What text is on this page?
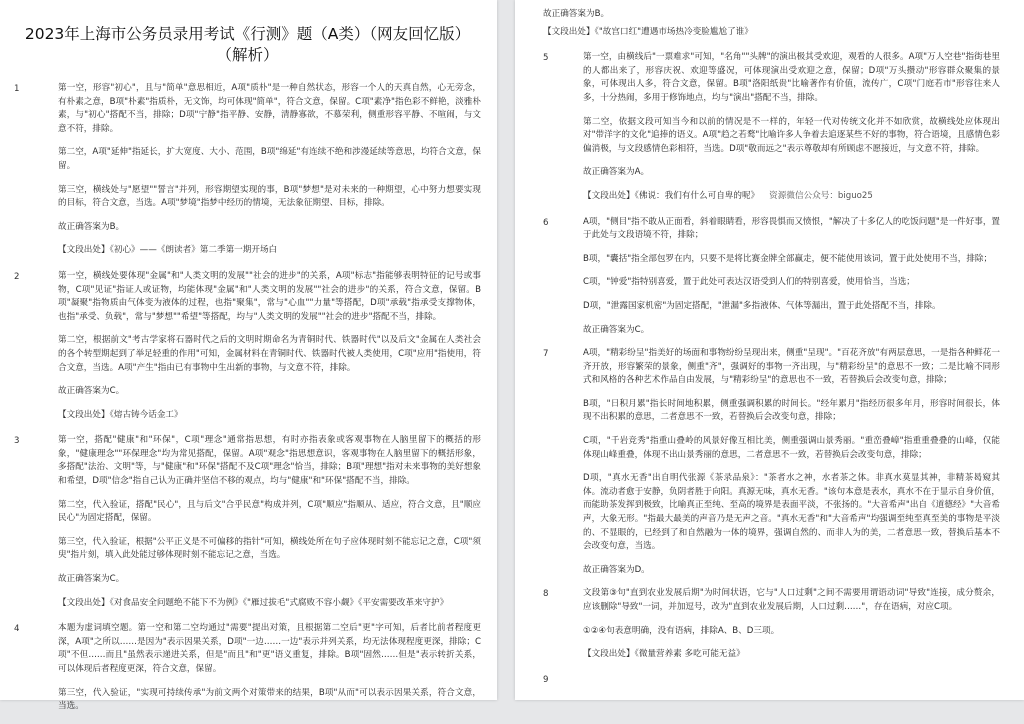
2023年上海市公务员录用考试《行测》题（A类）（网友回忆版）（解析）
1	第一空，形容"初心"，且与"简单"意思相近，A项"质朴"是一种自然状态，形容一个人的天真自然，心无旁念，有朴素之意，B项"朴素"指质朴，无文饰，均可体现"简单"，符合文意，保留。C项"素净"指色彩不鲜艳，淡雅朴素，与"初心"搭配不当，排除；D项"宁静"指平静、安静，清静寡欲，不慕荣利，侧重形容平静、不喧闹，与文意不符，排除。

第二空，A项"延伸"指延长，扩大宽度、大小、范围，B项"绵延"有连续不绝和涉漫延续等意思，均符合文意，保留。

第三空，横线处与"愿望""誓言"并列，形容期望实现的事，B项"梦想"是对未来的一种期望，心中努力想要实现的目标，符合文意，当选。A项"梦境"指梦中经历的情境，无法象征期望、目标，排除。

故正确答案为B。

【文段出处】《初心》——《朗读者》第二季第一期开场白

2	第一空，横线处要体现"金属"和"人类文明的发展""社会的进步"的关系，A项"标志"指能够表明特征的记号或事物，C项"见证"指证人或证物，均能体现"金属"和"人类文明的发展""社会的进步"的关系，符合文意，保留。B项"凝聚"指物质由气体变为液体的过程，也指"聚集"，常与"心血""力量"等搭配，D项"承载"指承受支撑物体，也指"承受、负载"，常与"梦想""希望"等搭配，均与"人类文明的发展""社会的进步"搭配不当，排除。

第二空，根据前文"考古学家将石器时代之后的文明时期命名为青铜时代、铁器时代"以及后文"金属在人类社会的各个转型期起到了举足轻重的作用"可知，金属材料在青铜时代、铁器时代被人类使用，C项"应用"指使用，符合文意，当选。A项"产生"指由已有事物中生出新的事物，与文意不符，排除。

故正确答案为C。

【文段出处】《熔古铸今话金工》

3	第一空，搭配"健康"和"环保"，C项"理念"通常指思想，有时亦指表象或客观事物在人脑里留下的概括的形象，"健康理念""环保理念"均为常见搭配，保留。A项"观念"指思想意识，客观事物在人脑里留下的概括形象，多搭配"法治、文明"等，与"健康"和"环保"搭配不及C项"理念"恰当，排除；B项"理想"指对未来事物的美好想象和希望，D项"信念"指自己认为正确并坚信不移的观点，均与"健康"和"环保"搭配不当，排除。

第二空，代入验证，搭配"民心"，且与后文"合乎民意"构成并列，C项"顺应"指顺从、适应，符合文意，且"顺应民心"为固定搭配，保留。

第三空，代入验证，根据"公平正义是不可偏移的指针"可知，横线处所在句子应体现时刻不能忘记之意，C项"须臾"指片刻，填入此处能过够体现时刻不能忘记之意，当选。

故正确答案为C。

【文段出处】《对食品安全问题绝不能下不为例》《"雁过拔毛"式腐败不容小觑》《平安需要改革来守护》

4	本题为虚词填空题。第一空和第二空均通过"需要"提出对策，且根据第二空后"更"字可知，后者比前者程度更深，A项"之所以……是因为"表示因果关系，D项"一边……一边"表示并列关系，均无法体现程度更深，排除；C项"不但……而且"虽然表示递进关系，但是"而且"和"更"语义重复，排除。B项"固然……但是"表示转折关系，可以体现后者程度更深，符合文意，保留。

第三空，代入验证，"实现可持续传承"为前文两个对策带来的结果，B项"从而"可以表示因果关系，符合文意，当选。

故正确答案为B。

【文段出处】《"故宫口红"遭遇市场热冷变脸尴尬了谁》

5	第一空，由横线后"一票难求"可知，"名角""头牌"的演出极其受欢迎，观看的人很多。A项"万人空巷"指街巷里的人都出来了，形容庆祝、欢迎等盛况，可体现演出受欢迎之意，保留；D项"万头攒动"形容群众聚集的景象，可体现出人多，符合文意，保留。B项"洛阳纸贵"比喻著作有价值，流传广，C项"门庭若市"形容往来人多，十分热闹，多用于修饰地点，均与"演出"搭配不当，排除。

第二空，依据文段可知当今和以前的情况是不一样的，年轻一代对传统文化并不如欣赏，故横线处应体现出对"带洋字的文化"追捧的语义。A项"趋之若鹜"比喻许多人争着去追逐某些不好的事物，符合语境，且感情色彩偏消极，与文段感情色彩相符，当选。D项"敬而远之"表示尊敬却有所顾虑不愿接近，与文意不符，排除。

故正确答案为A。

【文段出处】《佛说：我们有什么可自卑的呢》 资源微信公众号：biguo25

6	A项，"侧目"指不敢从正面看，斜着眼睛看，形容畏惧而又愤恨，"解决了十多亿人的吃饭问题"是一件好事，置于此处与文段语境不符，排除；

B项，"囊括"指全部包罗在内，只要不是将比赛金牌全部赢走，便不能使用该词，置于此处使用不当，排除；

C项，"钟爱"指特别喜爱，置于此处可表达汉语受到人们的特别喜爱，使用恰当，当选；

D项，"泄露国家机密"为固定搭配，"泄漏"多指液体、气体等漏出，置于此处搭配不当，排除。

故正确答案为C。

7	A项，"精彩纷呈"指美好的场面和事物纷纷呈现出来，侧重"呈现"。"百花齐放"有两层意思，一是指各种鲜花一齐开放，形容繁荣的景象，侧重"齐"，强调好的事物一齐出现，与"精彩纷呈"的意思不一致；二是比喻不同形式和风格的各种艺术作品自由发展，与"精彩纷呈"的意思也不一致，若替换后会改变句意，排除；

B项，"日积月累"指长时间地积累，侧重强调积累的时间长。"经年累月"指经历很多年月，形容时间很长，体现不出积累的意思，二者意思不一致，若替换后会改变句意，排除；

C项，"千岩竞秀"指重山叠岭的风景好像互相比美，侧重强调山景秀丽。"重峦叠嶂"指重重叠叠的山峰，仅能体现山峰重叠，体现不出山景秀丽的意思，二者意思不一致，若替换后会改变句意，排除；

D项，"真水无香"出自明代张源《茶录品泉》："茶者水之神，水者茶之体。非真水莫显其神，非精茶曷窥其体。流动者愈于安静，负阴者胜于向阳。真源无味，真水无香。"该句本意是表水，真水不在于显示自身价值，而能助茶发挥到极致，比喻真正至纯、至高的境界是表面平淡，不张扬的。"大音希声"出自《道德经》"大音希声，大象无形。"指最大最美的声音乃是无声之音。"真水无香"和"大音希声"均强调至纯至真至美的事物是平淡的、不显眼的，已经到了和自然融为一体的境界，强调自然的、而非人为的美，二者意思一致，替换后基本不会改变句意，当选。

故正确答案为D。

8	文段第③句"直到农业发展后期"为时间状语，它与"人口过剩"之间不需要用谓语动词"导致"连接，成分赘余，应该删除"导致"一词，并加逗号，改为"直到农业发展后期，人口过剩……"，存在语病，对应C项。

①②④句表意明确，没有语病，排除A、B、D三项。

【文段出处】《微量营养素 多吃可能无益》

9
